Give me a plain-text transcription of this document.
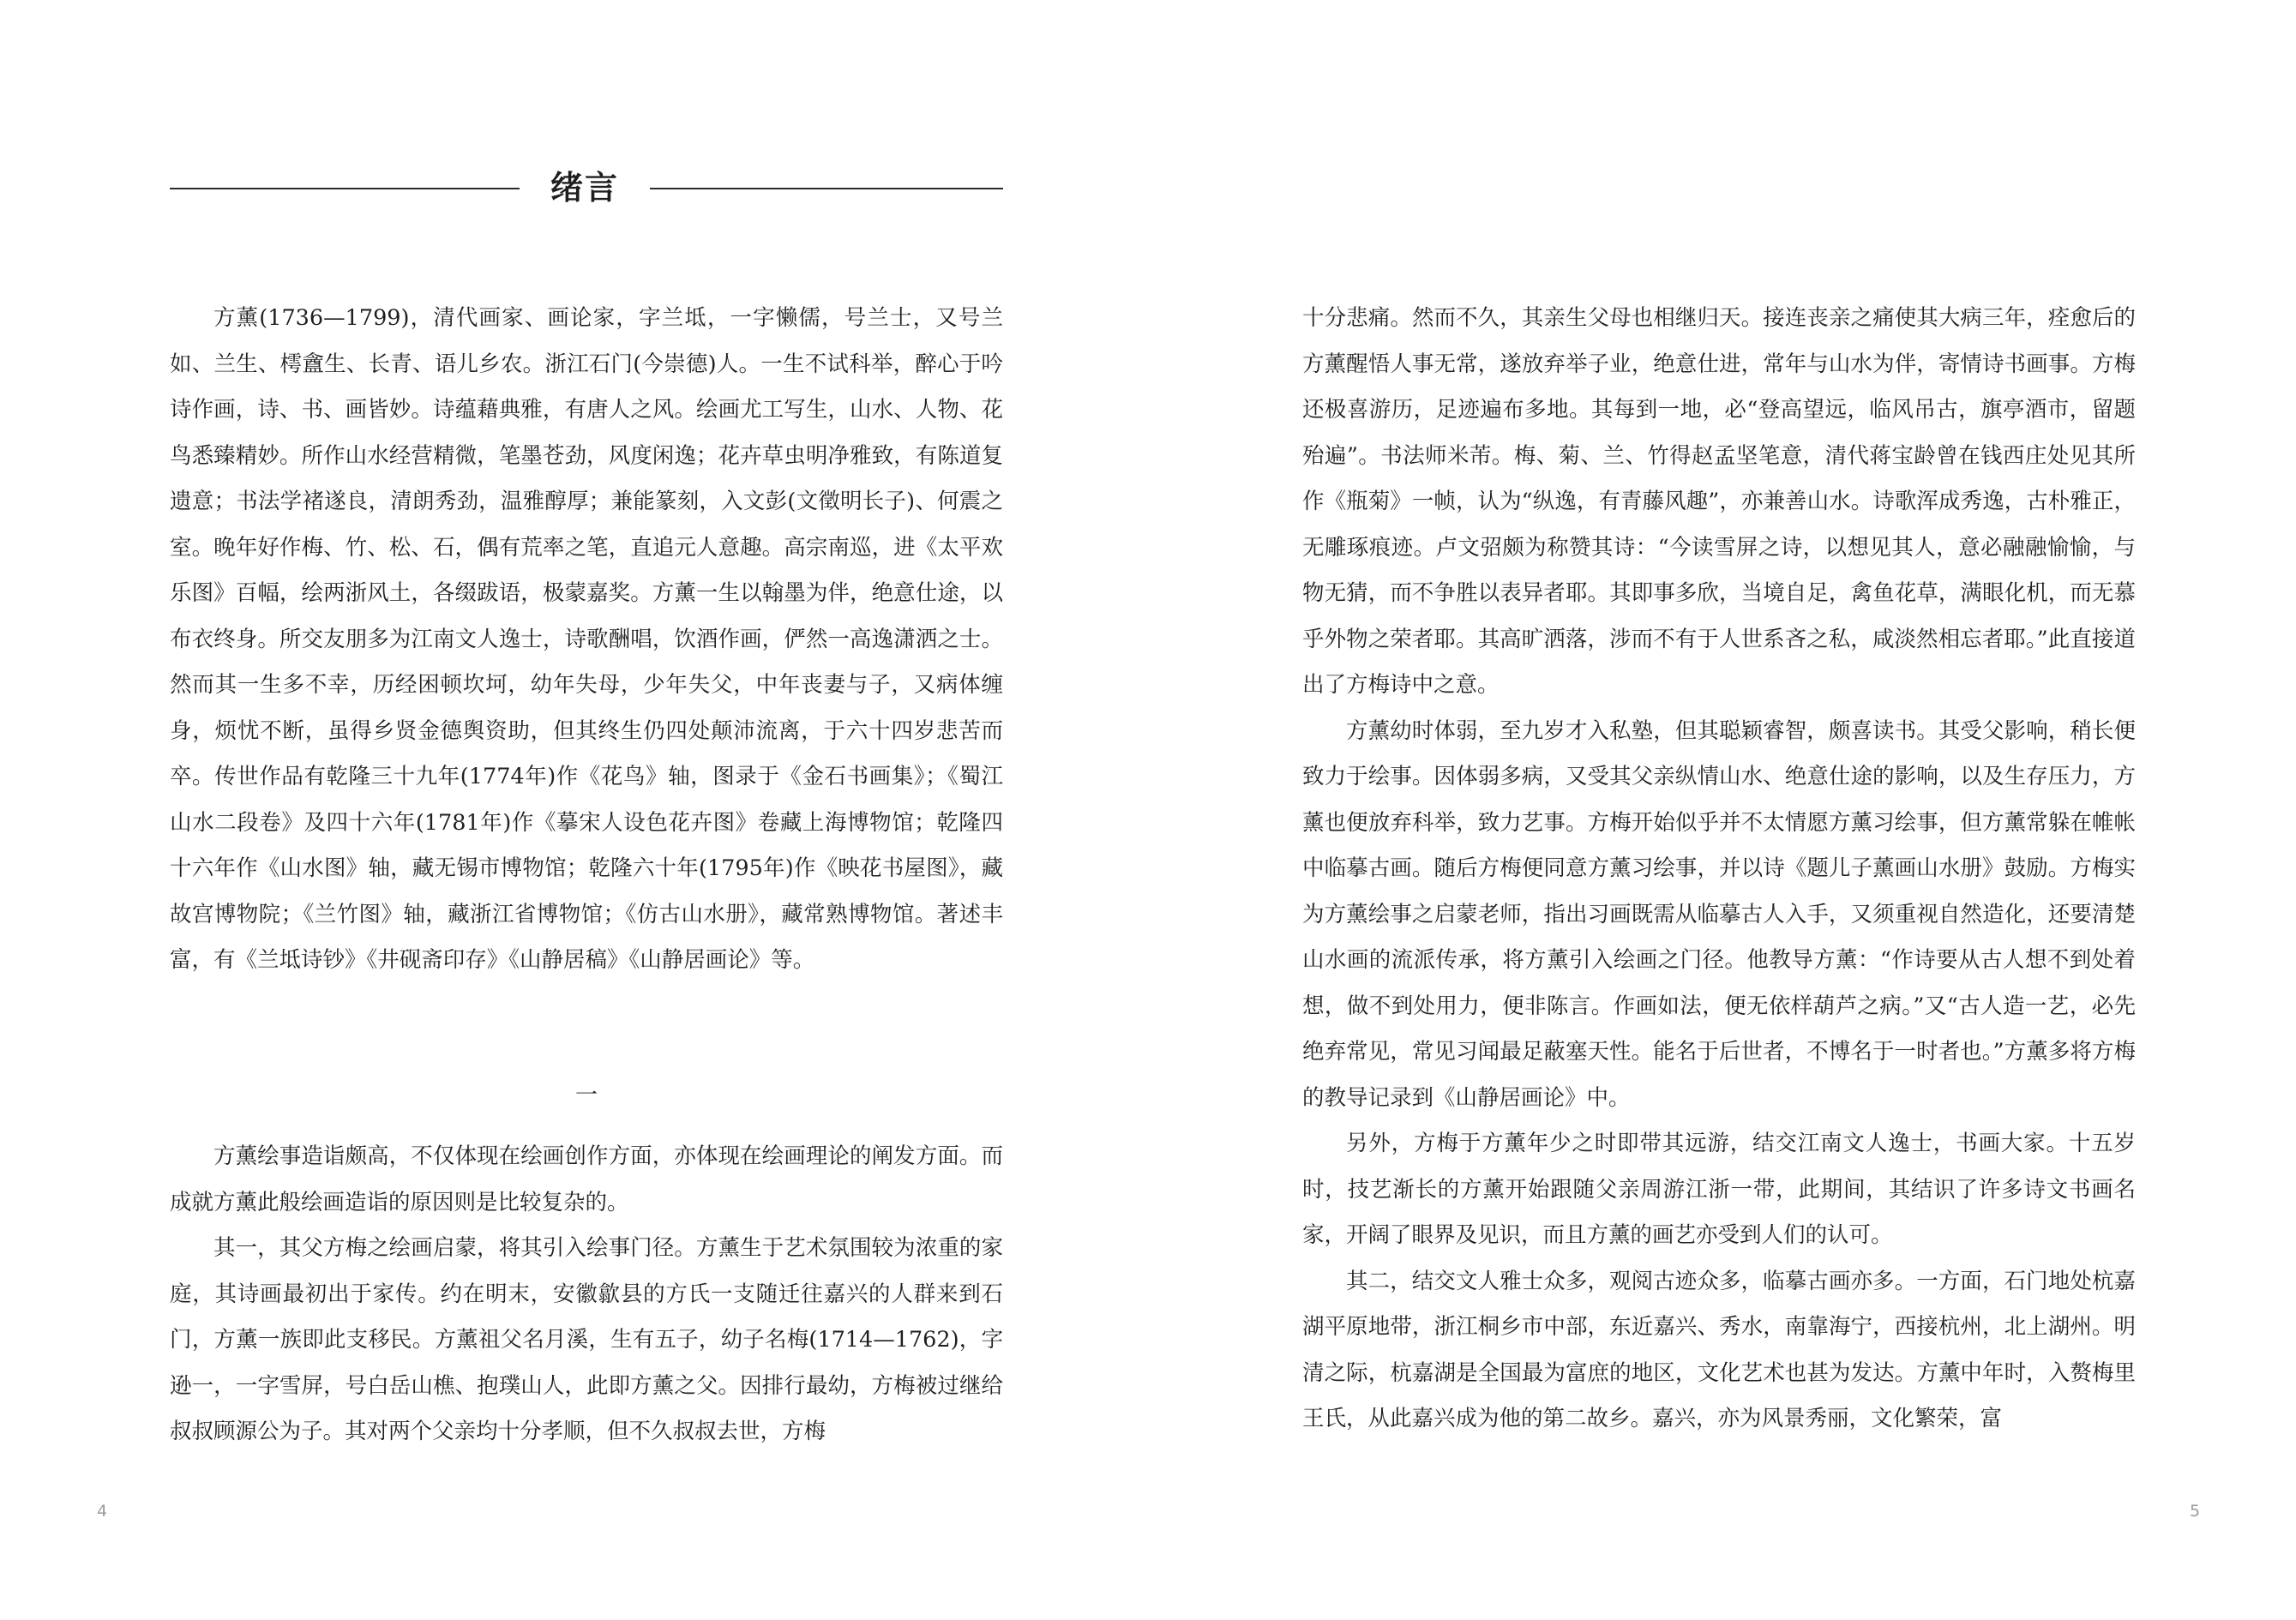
绪言

方薰(1736—1799)，清代画家、画论家，字兰坻，一字懒儒，号兰士，又号兰如、兰生、樗盦生、长青、语儿乡农。浙江石门(今崇德)人。一生不试科举，醉心于吟诗作画，诗、书、画皆妙。诗蕴藉典雅，有唐人之风。绘画尤工写生，山水、人物、花鸟悉臻精妙。所作山水经营精微，笔墨苍劲，风度闲逸；花卉草虫明净雅致，有陈道复遗意；书法学褚遂良，清朗秀劲，温雅醇厚；兼能篆刻，入文彭(文徵明长子)、何震之室。晚年好作梅、竹、松、石，偶有荒率之笔，直追元人意趣。高宗南巡，进《太平欢乐图》百幅，绘两浙风土，各缀跋语，极蒙嘉奖。方薰一生以翰墨为伴，绝意仕途，以布衣终身。所交友朋多为江南文人逸士，诗歌酬唱，饮酒作画，俨然一高逸潇洒之士。然而其一生多不幸，历经困顿坎坷，幼年失母，少年失父，中年丧妻与子，又病体缠身，烦忧不断，虽得乡贤金德舆资助，但其终生仍四处颠沛流离，于六十四岁悲苦而卒。传世作品有乾隆三十九年(1774年)作《花鸟》轴，图录于《金石书画集》；《蜀江山水二段卷》及四十六年(1781年)作《摹宋人设色花卉图》卷藏上海博物馆；乾隆四十六年作《山水图》轴，藏无锡市博物馆；乾隆六十年(1795年)作《映花书屋图》，藏故宫博物院；《兰竹图》轴，藏浙江省博物馆；《仿古山水册》，藏常熟博物馆。著述丰富，有《兰坻诗钞》《井砚斋印存》《山静居稿》《山静居画论》等。

一

方薰绘事造诣颇高，不仅体现在绘画创作方面，亦体现在绘画理论的阐发方面。而成就方薰此般绘画造诣的原因则是比较复杂的。

其一，其父方梅之绘画启蒙，将其引入绘事门径。方薰生于艺术氛围较为浓重的家庭，其诗画最初出于家传。约在明末，安徽歙县的方氏一支随迁往嘉兴的人群来到石门，方薰一族即此支移民。方薰祖父名月溪，生有五子，幼子名梅(1714—1762)，字逊一，一字雪屏，号白岳山樵、抱璞山人，此即方薰之父。因排行最幼，方梅被过继给叔叔顾源公为子。其对两个父亲均十分孝顺，但不久叔叔去世，方梅

4

十分悲痛。然而不久，其亲生父母也相继归天。接连丧亲之痛使其大病三年，痊愈后的方薰醒悟人事无常，遂放弃举子业，绝意仕进，常年与山水为伴，寄情诗书画事。方梅还极喜游历，足迹遍布多地。其每到一地，必“登高望远，临风吊古，旗亭酒市，留题殆遍”。书法师米芾。梅、菊、兰、竹得赵孟坚笔意，清代蒋宝龄曾在钱西庄处见其所作《瓶菊》一帧，认为“纵逸，有青藤风趣”，亦兼善山水。诗歌浑成秀逸，古朴雅正，无雕琢痕迹。卢文弨颇为称赞其诗：“今读雪屏之诗，以想见其人，意必融融愉愉，与物无猜，而不争胜以表异者耶。其即事多欣，当境自足，禽鱼花草，满眼化机，而无慕乎外物之荣者耶。其高旷洒落，涉而不有于人世系吝之私，咸淡然相忘者耶。”此直接道出了方梅诗中之意。

方薰幼时体弱，至九岁才入私塾，但其聪颖睿智，颇喜读书。其受父影响，稍长便致力于绘事。因体弱多病，又受其父亲纵情山水、绝意仕途的影响，以及生存压力，方薰也便放弃科举，致力艺事。方梅开始似乎并不太情愿方薰习绘事，但方薰常躲在帷帐中临摹古画。随后方梅便同意方薰习绘事，并以诗《题儿子薰画山水册》鼓励。方梅实为方薰绘事之启蒙老师，指出习画既需从临摹古人入手，又须重视自然造化，还要清楚山水画的流派传承，将方薰引入绘画之门径。他教导方薰：“作诗要从古人想不到处着想，做不到处用力，便非陈言。作画如法，便无依样葫芦之病。”又“古人造一艺，必先绝弃常见，常见习闻最足蔽塞天性。能名于后世者，不博名于一时者也。”方薰多将方梅的教导记录到《山静居画论》中。

另外，方梅于方薰年少之时即带其远游，结交江南文人逸士，书画大家。十五岁时，技艺渐长的方薰开始跟随父亲周游江浙一带，此期间，其结识了许多诗文书画名家，开阔了眼界及见识，而且方薰的画艺亦受到人们的认可。

其二，结交文人雅士众多，观阅古迹众多，临摹古画亦多。一方面，石门地处杭嘉湖平原地带，浙江桐乡市中部，东近嘉兴、秀水，南靠海宁，西接杭州，北上湖州。明清之际，杭嘉湖是全国最为富庶的地区，文化艺术也甚为发达。方薰中年时，入赘梅里王氏，从此嘉兴成为他的第二故乡。嘉兴，亦为风景秀丽，文化繁荣，富

5
